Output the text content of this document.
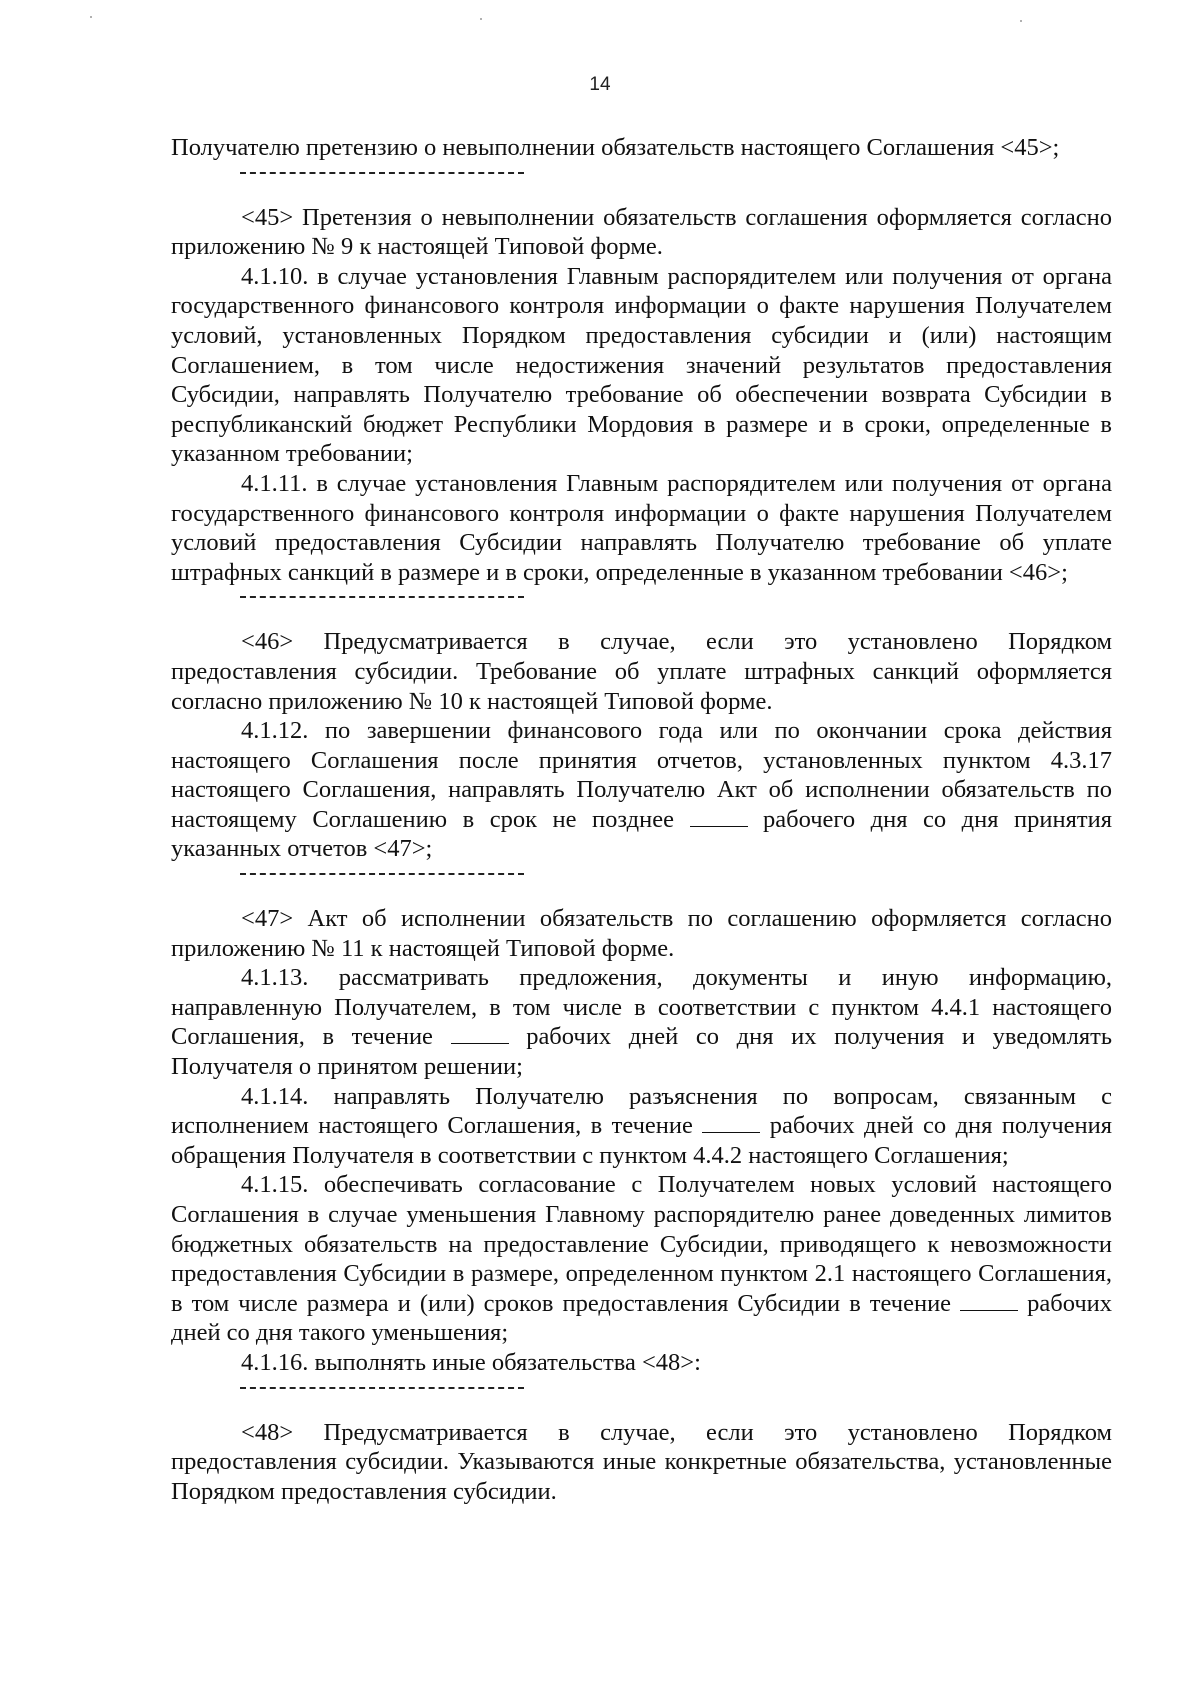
14

Получателю претензию о невыполнении обязательств настоящего Соглашения <45>;

<45> Претензия о невыполнении обязательств соглашения оформляется согласно приложению № 9 к настоящей Типовой форме.

4.1.10. в случае установления Главным распорядителем или получения от органа государственного финансового контроля информации о факте нарушения Получателем условий, установленных Порядком предоставления субсидии и (или) настоящим Соглашением, в том числе недостижения значений результатов предоставления Субсидии, направлять Получателю требование об обеспечении возврата Субсидии в республиканский бюджет Республики Мордовия в размере и в сроки, определенные в указанном требовании;

4.1.11. в случае установления Главным распорядителем или получения от органа государственного финансового контроля информации о факте нарушения Получателем условий предоставления Субсидии направлять Получателю требование об уплате штрафных санкций в размере и в сроки, определенные в указанном требовании <46>;

<46> Предусматривается в случае, если это установлено Порядком предоставления субсидии. Требование об уплате штрафных санкций оформляется согласно приложению № 10 к настоящей Типовой форме.

4.1.12. по завершении финансового года или по окончании срока действия настоящего Соглашения после принятия отчетов, установленных пунктом 4.3.17 настоящего Соглашения, направлять Получателю Акт об исполнении обязательств по настоящему Соглашению в срок не позднее	рабочего дня со дня принятия указанных отчетов <47>;

<47> Акт об исполнении обязательств по соглашению оформляется согласно приложению № 11 к настоящей Типовой форме.

4.1.13. рассматривать предложения, документы и иную информацию, направленную Получателем, в том числе в соответствии с пунктом 4.4.1 настоящего Соглашения, в течение	рабочих дней со дня их получения и уведомлять Получателя о принятом решении;

4.1.14. направлять Получателю разъяснения по вопросам, связанным с исполнением настоящего Соглашения, в течение	рабочих дней со дня получения обращения Получателя в соответствии с пунктом 4.4.2 настоящего Соглашения;

4.1.15. обеспечивать согласование с Получателем новых условий настоящего Соглашения в случае уменьшения Главному распорядителю ранее доведенных лимитов бюджетных обязательств на предоставление Субсидии, приводящего к невозможности предоставления Субсидии в размере, определенном пунктом 2.1 настоящего Соглашения, в том числе размера и (или) сроков предоставления Субсидии в течение	рабочих дней со дня такого уменьшения;

4.1.16. выполнять иные обязательства <48>:

<48> Предусматривается в случае, если это установлено Порядком предоставления субсидии. Указываются иные конкретные обязательства, установленные Порядком предоставления субсидии.
